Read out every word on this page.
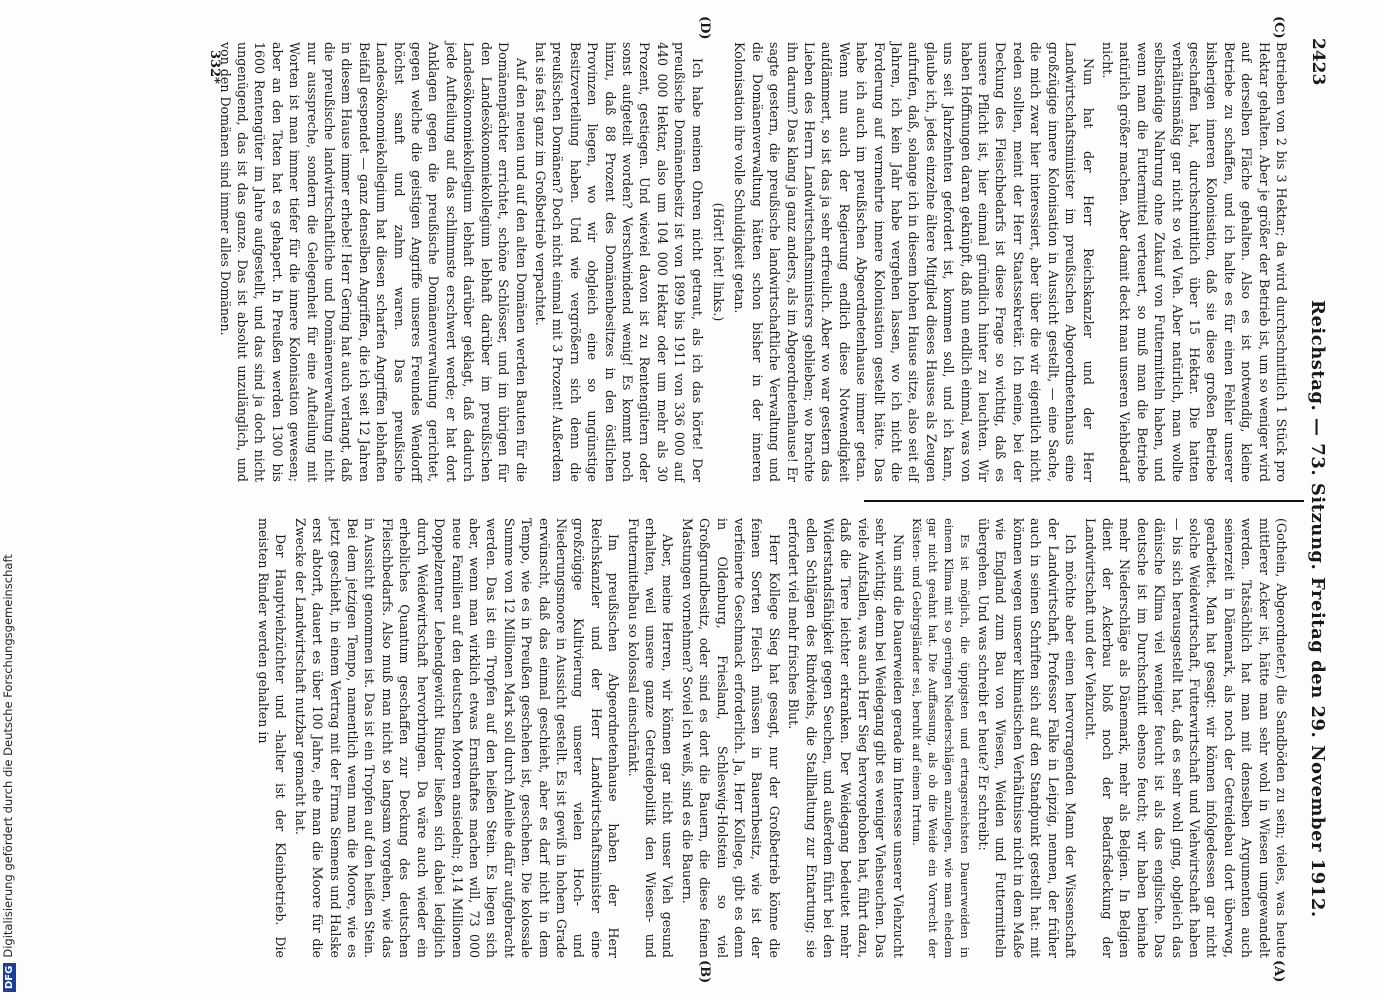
2423
Reichstag. — 73. Sitzung. Freitag den 29. November 1912.
(C)
(D)
(A)
(B)

Betrieben von 2 bis 3 Hektar; da wird durchschnittlich 1 Stück pro Hektar gehalten. Aber je größer der Betrieb ist, um so weniger wird auf derselben Fläche gehalten. Also es ist notwendig, kleine Betriebe zu schaffen, und ich halte es für einen Fehler unserer bisherigen inneren Kolonisation, daß sie diese großen Betriebe geschaffen hat, durchschnittlich über 15 Hektar. Die hatten verhältnismäßig gar nicht so viel Vieh. Aber natürlich, man wollte selbständige Nahrung ohne Zukauf von Futtermitteln haben, und wenn man die Futtermittel verteuert, so muß man die Betriebe natürlich größer machen. Aber damit deckt man unseren Viehbedarf nicht.

Nun hat der Herr Reichskanzler und der Herr Landwirtschaftsminister im preußischen Abgeordnetenhaus eine großzügige innere Kolonisation in Aussicht gestellt, — eine Sache, die mich zwar hier interessiert, aber über die wir eigentlich nicht reden sollten, meint der Herr Staatssekretär. Ich meine, bei der Deckung des Fleischbedarfs ist diese Frage so wichtig, daß es unsere Pflicht ist, hier einmal gründlich hinter zu leuchten. Wir haben Hoffnungen daran geknüpft, daß nun endlich einmal, was von uns seit Jahrzehnten gefordert ist, kommen soll, und ich kann, glaube ich, jedes einzelne ältere Mitglied dieses Hauses als Zeugen aufrufen, daß, solange ich in diesem hohen Hause sitze, also seit elf Jahren, ich kein Jahr habe vergehen lassen, wo ich nicht die Forderung auf vermehrte innere Kolonisation gestellt hätte. Das habe ich auch im preußischen Abgeordnetenhause immer getan. Wenn nun auch der Regierung endlich diese Notwendigkeit aufdämmert, so ist das ja sehr erfreulich. Aber wo war gestern das Lieben des Herrn Landwirtschaftsministers geblieben; wo brachte ihn darum? Das klang ja ganz anders, als im Abgeordnetenhause! Er sagte gestern, die preußische landwirtschaftliche Verwaltung und die Domänenverwaltung hätten schon bisher in der inneren Kolonisation ihre volle Schuldigkeit getan.

(Hört! hört! links.)

Ich habe meinen Ohren nicht getraut, als ich das hörte! Der preußische Domänenbesitz ist von 1899 bis 1911 von 336 000 auf 440 000 Hektar, also um 104 000 Hektar oder um mehr als 30 Prozent, gestiegen. Und wieviel davon ist zu Rentengütern oder sonst aufgeteilt worden? Verschwindend wenig! Es kommt noch hinzu, daß 88 Prozent des Domänenbesitzes in den östlichen Provinzen liegen, wo wir obgleich eine so ungünstige Besitzverteilung haben. Und wie vergrößern sich denn die preußischen Domänen? Doch nicht einmal mit 3 Prozent! Außerdem hat sie fast ganz im Großbetrieb verpachtet.

Auf den neuen und auf den alten Domänen werden Bauten für die Domänenpächter errichtet, schöne Schlösser, und im übrigen für den Landesökonomiekollegium lebhaft darüber im preußischen Landesökonomiekollegium lebhaft darüber geklagt, daß dadurch jede Aufteilung auf das schlimmste erschwert werde; er hat dort Anklagen gegen die preußische Domänenverwaltung gerichtet, gegen welche die geistigen Angriffe unseres Freundes Wendorff höchst sanft und zahm waren. Das preußische Landesökonomiekollegium hat diesen scharfen Angriffen lebhaften Beifall gespendet — ganz denselben Angriffen, die ich seit 12 Jahren in diesem Hause immer erhebe! Herr Gering hat auch verlangt, daß die preußische landwirtschaftliche und Domänenverwaltung nicht nur ausspreche, sondern die Gelegenheit für eine Aufteilung mit Worten ist man immer tiefer für die innere Kolonisation gewesen; aber an den Taten hat es gehapert. In Preußen werden 1300 bis 1600 Rentengüter im Jahre aufgestellt, und das sind ja doch nicht ungenügend, das ist das ganze. Das ist absolut unzulänglich, und von den Domänen sind immer alles Domänen.

(Gothein, Abgeordneter.) die Sandböden zu sein; vieles, was heute mittlerer Acker ist, hätte man sehr wohl in Wiesen umgewandelt werden. Tatsächlich hat man mit denselben Argumenten auch seinerzeit in Dänemark, als noch der Getreidebau dort überwog, gearbeitet. Man hat gesagt: wir können infolgedessen gar nicht solche Weidewirtschaft, Futterwirtschaft und Viehwirtschaft haben — bis sich herausgestellt hat, daß es sehr wohl ging, obgleich das dänische Klima viel weniger feucht ist als das englische. Das deutsche ist im Durchschnitt ebenso feucht; wir haben beinahe mehr Niederschläge als Dänemark, mehr als Belgien. In Belgien dient der Ackerbau bloß noch der Bedarfsdeckung der Landwirtschaft und der Viehzucht.

Ich möchte aber einen hervorragenden Mann der Wissenschaft der Landwirtschaft, Professor Falke in Leipzig, nennen, der früher auch in seinen Schriften sich auf den Standpunkt gestellt hat: mit können wegen unserer klimatischen Verhältnisse nicht in dem Maße wie England zum Bau von Wiesen, Weiden und Futtermitteln übergehen. Und was schreibt er heute? Er schreibt:

Es ist möglich, die üppigsten und ertragsreichsten Dauerweiden in einem Klima mit so geringen Niederschlägen anzulegen, wie man ehedem gar nicht geahnt hat. Die Auffassung, als ob die Weide ein Vorrecht der Küsten- und Gebirgsländer sei, beruht auf einem Irrtum.

Nun sind die Dauerweiden gerade im Interesse unserer Viehzucht sehr wichtig; denn bei Weidegang gibt es weniger Viehseuchen. Das viele Aufstallen, was auch Herr Sieg hervorgehoben hat, führt dazu, daß die Tiere leichter erkranken. Der Weidegang bedeutet mehr Widerstandsfähigkeit gegen Seuchen, und außerdem führt bei den edlen Schlägen des Rindviehs, die Stallhaltung zur Entartung; sie erfordert viel mehr frisches Blut.

Herr Kollege Sieg hat gesagt, nur der Großbetrieb könne die feinen Sorten Fleisch müssen in Bauernbesitz, wie ist der verfeinerte Geschmack erforderlich. Ja, Herr Kollege, gibt es denn in Oldenburg, Friesland, Schleswig-Holstein so viel Großgrundbesitz, oder sind es dort die Bauern, die diese feinen Mastungen vornehmen? Soviel ich weiß, sind es die Bauern.

Aber, meine Herren, wir können gar nicht unser Vieh gesund erhalten, weil unsere ganze Getreidepolitik den Wiesen- und Futtermittelbau so kolossal einschränkt.

Im preußischen Abgeordnetenhause haben der Herr Reichskanzler und der Herr Landwirtschaftsminister eine großzügige Kultivierung unserer vielen Hoch- und Niederungsmoore in Aussicht gestellt. Es ist gewiß in hohem Grade erwünscht, daß das einmal geschieht, aber es darf nicht in dem Tempo, wie es in Preußen geschehen ist, geschehen. Die kolossale Summe von 12 Millionen Mark soll durch Anleihe dafür aufgebracht werden. Das ist ein Tropfen auf den heißen Stein. Es liegen sich aber, wenn man wirklich etwas Ernsthaftes machen will, 73 000 neue Familien auf den deutschen Mooren ansiedeln; 8,14 Millionen Doppelzentner Lebendgewicht Rinder ließen sich dabei lediglich durch Weidewirtschaft hervorbringen. Da wäre auch wieder ein erhebliches Quantum geschaffen zur Deckung des deutschen Fleischbedarfs. Also muß man nicht so langsam vorgehen, wie das in Aussicht genommen ist. Das ist ein Tropfen auf den heißen Stein. Bei dem jetzigen Tempo, namentlich wenn man die Moore, wie es jetzt geschieht, in einem Vertrag mit der Firma Siemens und Halske erst abtorft, dauert es über 100 Jahre, ehe man die Moore für die Zwecke der Landwirtschaft nutzbar gemacht hat.

Der Hauptviehzüchter und -halter ist der Kleinbetrieb. Die meisten Rinder werden gehalten in

332*
DFGDigitalisierung gefördert durch die Deutsche Forschungsgemeinschaft
